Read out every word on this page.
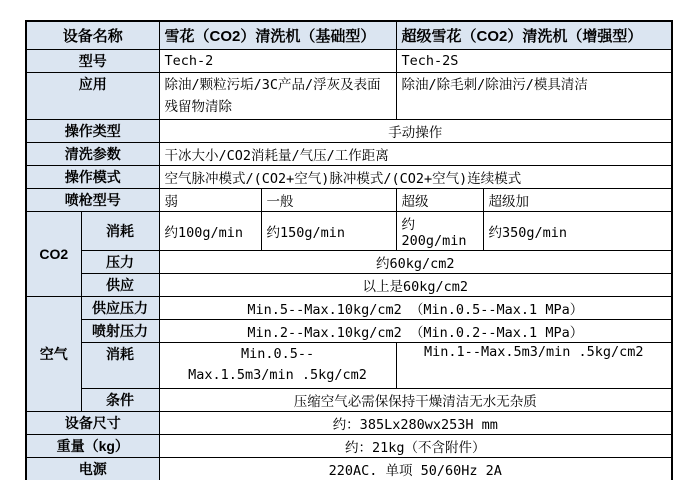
设备名称		雪花（CO2）清洗机（基础型）		超级雪花（CO2）清洗机（增强型）	
型号		Tech-2		Tech-2S	
应用		除油/颗粒污垢/3C产品/浮灰及表面残留物清除		除油/除毛刺/除油污/模具清洁	
操作类型		手动操作			
清洗参数		干冰大小/CO2消耗量/气压/工作距离			
操作模式		空气脉冲模式/(CO2+空气)脉冲模式/(CO2+空气)连续模式			
喷枪型号		弱	一般	超级	超级加
CO2	消耗	约100g/min	约150g/min	约200g/min	约350g/min
	压力	约60kg/cm2			
	供应	以上是60kg/cm2			
空气	供应压力	Min.5--Max.10kg/cm2 （Min.0.5--Max.1 MPa）			
	喷射压力	Min.2--Max.10kg/cm2 （Min.0.2--Max.1 MPa）			
	消耗	Min.0.5--
Max.1.5m3/min .5kg/cm2		Min.1--Max.5m3/min .5kg/cm2	
	条件	压缩空气必需保保持干燥清洁无水无杂质			
设备尺寸		约：385Lx280wx253H mm			
重量（kg）		约：21kg（不含附件）			
电源		220AC. 单项 50/60Hz 2A			
